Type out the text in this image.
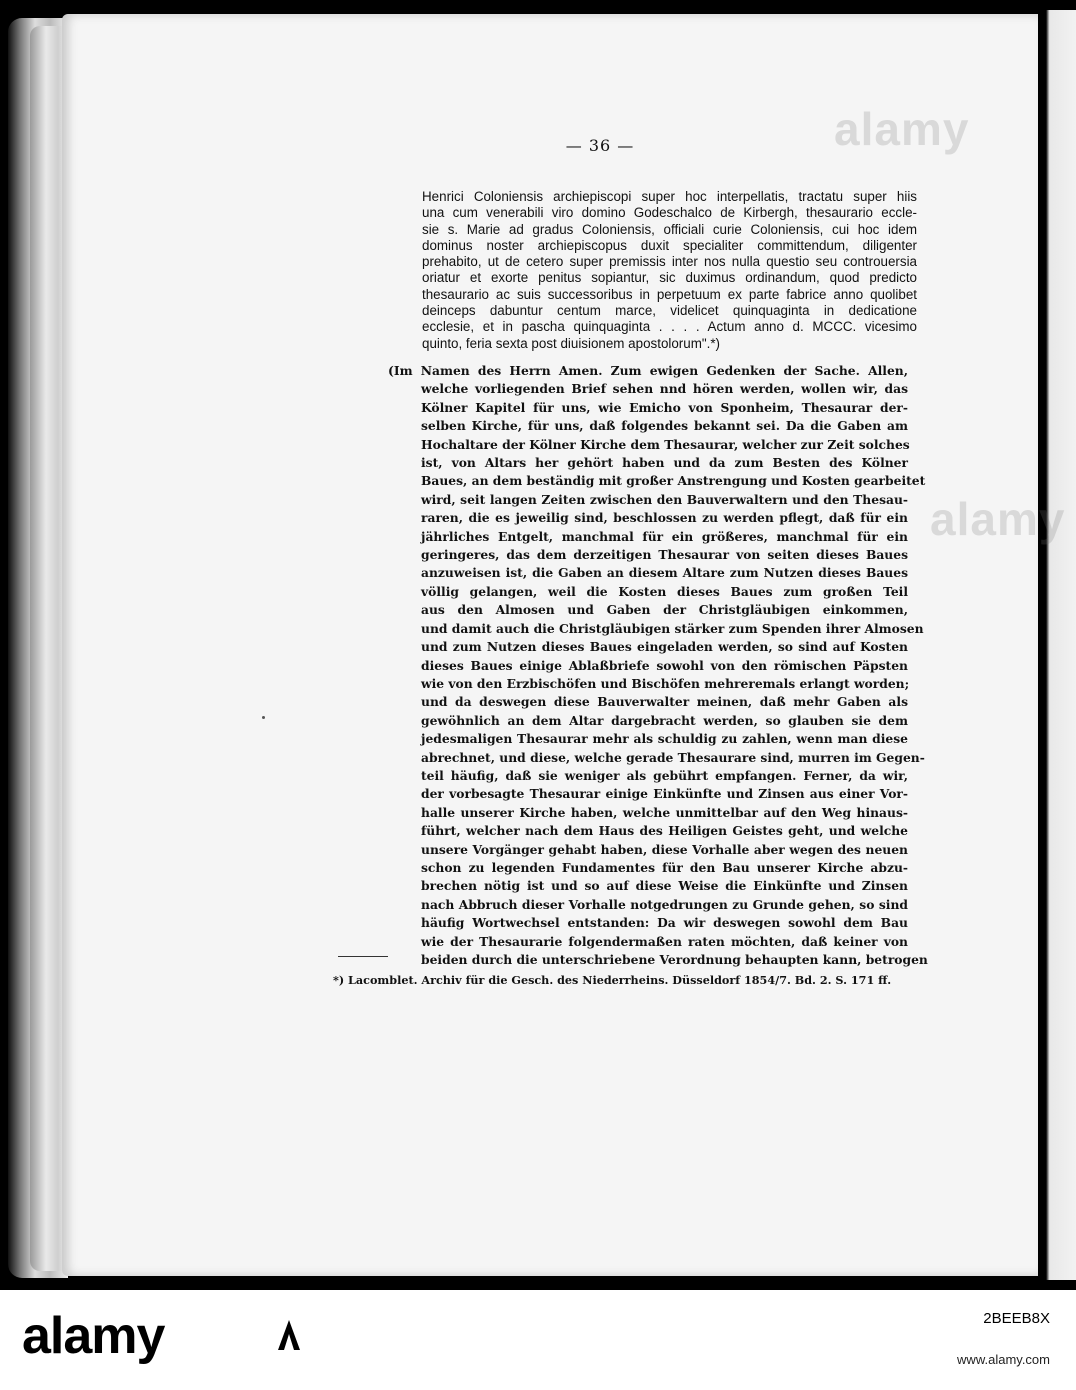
— 36 —
Henrici Coloniensis archiepiscopi super hoc interpellatis, tractatu super hiis
una cum venerabili viro domino Godeschalco de Kirbergh, thesaurario eccle-
sie s. Marie ad gradus Coloniensis, officiali curie Coloniensis, cui hoc idem
dominus noster archiepiscopus duxit specialiter committendum, diligenter
prehabito, ut de cetero super premissis inter nos nulla questio seu controuersia
oriatur et exorte penitus sopiantur, sic duximus ordinandum, quod predicto
thesaurario ac suis successoribus in perpetuum ex parte fabrice anno quolibet
deinceps dabuntur centum marce, videlicet quinquaginta in dedicatione
ecclesie, et in pascha quinquaginta . . . . Actum anno d. MCCC. vicesimo
quinto, feria sexta post diuisionem apostolorum".*)
(Im Namen des Herrn Amen. Zum ewigen Gedenken der Sache. Allen,
welche vorliegenden Brief sehen nnd hören werden, wollen wir, das
Kölner Kapitel für uns, wie Emicho von Sponheim, Thesaurar der-
selben Kirche, für uns, daß folgendes bekannt sei. Da die Gaben am
Hochaltare der Kölner Kirche dem Thesaurar, welcher zur Zeit solches
ist, von Altars her gehört haben und da zum Besten des Kölner
Baues, an dem beständig mit großer Anstrengung und Kosten gearbeitet
wird, seit langen Zeiten zwischen den Bauverwaltern und den Thesau-
raren, die es jeweilig sind, beschlossen zu werden pflegt, daß für ein
jährliches Entgelt, manchmal für ein größeres, manchmal für ein
geringeres, das dem derzeitigen Thesaurar von seiten dieses Baues
anzuweisen ist, die Gaben an diesem Altare zum Nutzen dieses Baues
völlig gelangen, weil die Kosten dieses Baues zum großen Teil
aus den Almosen und Gaben der Christgläubigen einkommen,
und damit auch die Christgläubigen stärker zum Spenden ihrer Almosen
und zum Nutzen dieses Baues eingeladen werden, so sind auf Kosten
dieses Baues einige Ablaßbriefe sowohl von den römischen Päpsten
wie von den Erzbischöfen und Bischöfen mehreremals erlangt worden;
und da deswegen diese Bauverwalter meinen, daß mehr Gaben als
gewöhnlich an dem Altar dargebracht werden, so glauben sie dem
jedesmaligen Thesaurar mehr als schuldig zu zahlen, wenn man diese
abrechnet, und diese, welche gerade Thesaurare sind, murren im Gegen-
teil häufig, daß sie weniger als gebührt empfangen. Ferner, da wir,
der vorbesagte Thesaurar einige Einkünfte und Zinsen aus einer Vor-
halle unserer Kirche haben, welche unmittelbar auf den Weg hinaus-
führt, welcher nach dem Haus des Heiligen Geistes geht, und welche
unsere Vorgänger gehabt haben, diese Vorhalle aber wegen des neuen
schon zu legenden Fundamentes für den Bau unserer Kirche abzu-
brechen nötig ist und so auf diese Weise die Einkünfte und Zinsen
nach Abbruch dieser Vorhalle notgedrungen zu Grunde gehen, so sind
häufig Wortwechsel entstanden: Da wir deswegen sowohl dem Bau
wie der Thesaurarie folgendermaßen raten möchten, daß keiner von
beiden durch die unterschriebene Verordnung behaupten kann, betrogen
*) Lacomblet. Archiv für die Gesch. des Niederrheins. Düsseldorf 1854/7. Bd. 2. S. 171 ff.
alamy
alamy
alamy	2BEEB8X
www.alamy.com
